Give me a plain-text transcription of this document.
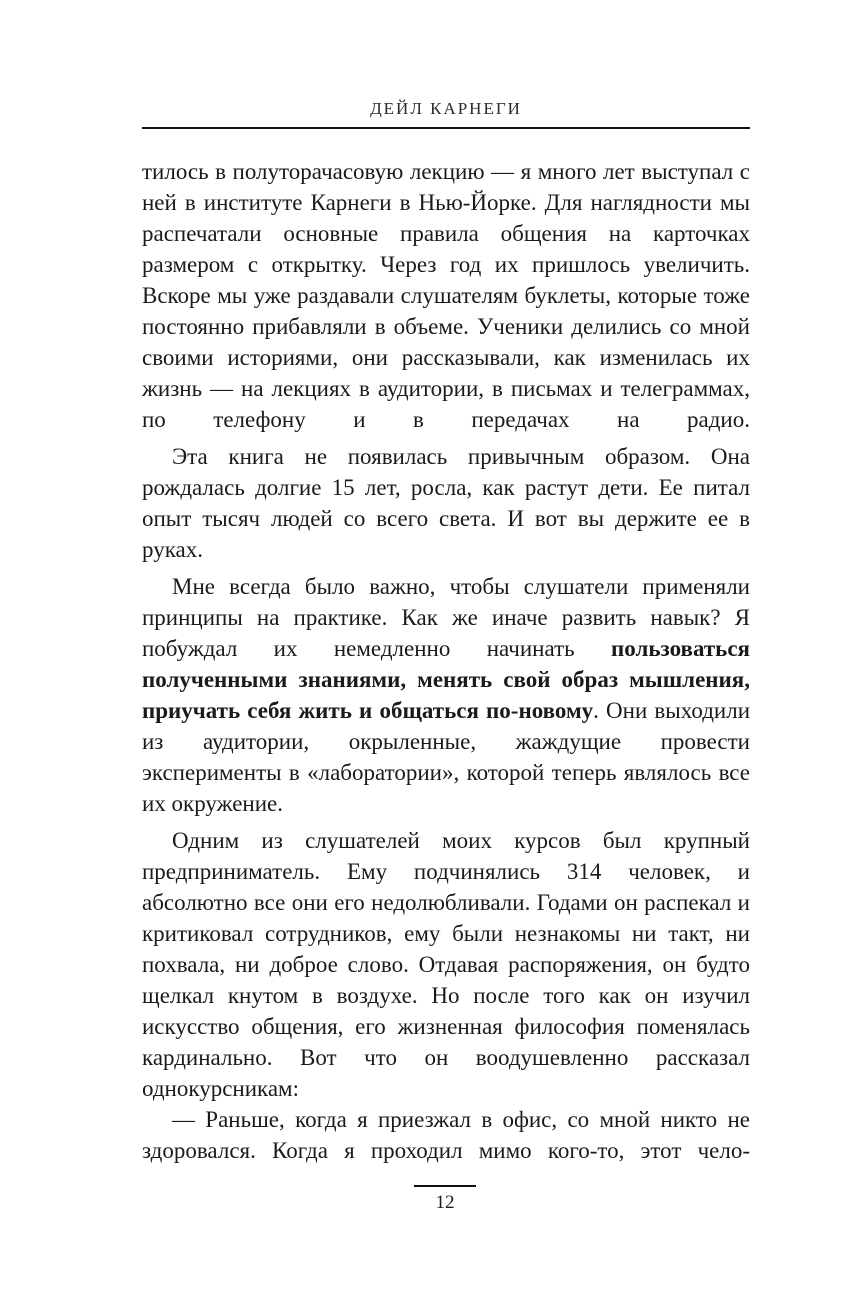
ДЕЙЛ КАРНЕГИ

тилось в полуторачасовую лекцию — я много лет выступал с ней в институте Карнеги в Нью-Йорке. Для наглядности мы распечатали основные правила общения на карточках размером с открытку. Через год их пришлось увеличить. Вскоре мы уже раздавали слушателям буклеты, которые тоже постоянно прибавляли в объеме. Ученики делились со мной своими историями, они рассказывали, как изменилась их жизнь — на лекциях в аудитории, в письмах и телеграммах, по телефону и в передачах на радио.

Эта книга не появилась привычным образом. Она рождалась долгие 15 лет, росла, как растут дети. Ее питал опыт тысяч людей со всего света. И вот вы держите ее в руках.

Мне всегда было важно, чтобы слушатели применяли принципы на практике. Как же иначе развить навык? Я побуждал их немедленно начинать пользоваться полученными знаниями, менять свой образ мышления, приучать себя жить и общаться по-новому. Они выходили из аудитории, окрыленные, жаждущие провести эксперименты в «лаборатории», которой теперь являлось все их окружение.

Одним из слушателей моих курсов был крупный предприниматель. Ему подчинялись 314 человек, и абсолютно все они его недолюбливали. Годами он распекал и критиковал сотрудников, ему были незнакомы ни такт, ни похвала, ни доброе слово. Отдавая распоряжения, он будто щелкал кнутом в воздухе. Но после того как он изучил искусство общения, его жизненная философия поменялась кардинально. Вот что он воодушевленно рассказал однокурсникам:

— Раньше, когда я приезжал в офис, со мной никто не здоровался. Когда я проходил мимо кого-то, этот чело-

12
